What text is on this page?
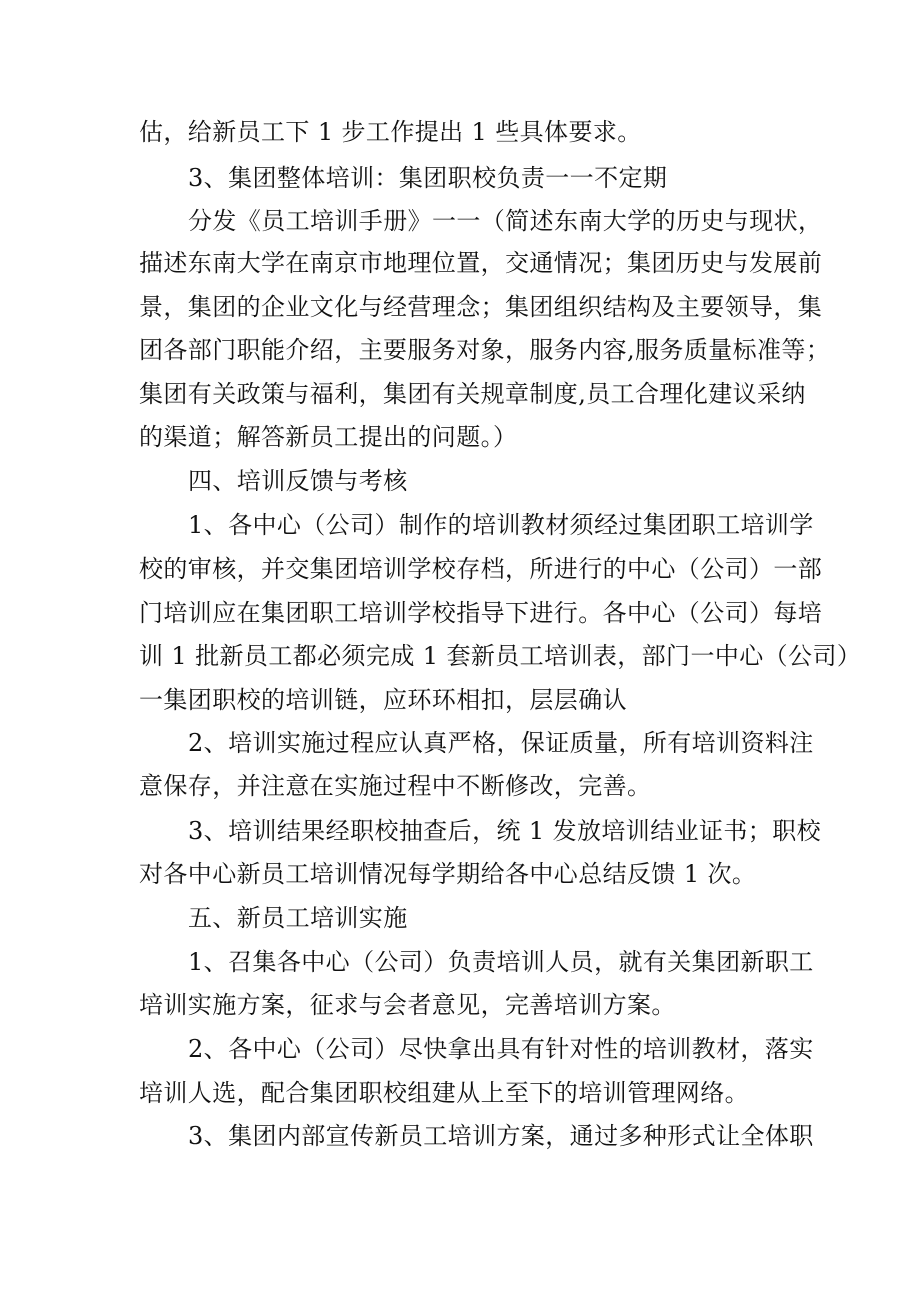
估，给新员工下 1 步工作提出 1 些具体要求。
3、集团整体培训：集团职校负责一一不定期
分发《员工培训手册》一一（简述东南大学的历史与现状，
描述东南大学在南京市地理位置，交通情况；集团历史与发展前
景，集团的企业文化与经营理念；集团组织结构及主要领导，集
团各部门职能介绍，主要服务对象，服务内容,服务质量标准等；
集团有关政策与福利，集团有关规章制度,员工合理化建议采纳
的渠道；解答新员工提出的问题。）
四、培训反馈与考核
1、各中心（公司）制作的培训教材须经过集团职工培训学
校的审核，并交集团培训学校存档，所进行的中心（公司）一部
门培训应在集团职工培训学校指导下进行。各中心（公司）每培
训 1 批新员工都必须完成 1 套新员工培训表，部门一中心（公司）
一集团职校的培训链，应环环相扣，层层确认
2、培训实施过程应认真严格，保证质量，所有培训资料注
意保存，并注意在实施过程中不断修改，完善。
3、培训结果经职校抽查后，统 1 发放培训结业证书；职校
对各中心新员工培训情况每学期给各中心总结反馈 1 次。
五、新员工培训实施
1、召集各中心（公司）负责培训人员，就有关集团新职工
培训实施方案，征求与会者意见，完善培训方案。
2、各中心（公司）尽快拿出具有针对性的培训教材，落实
培训人选，配合集团职校组建从上至下的培训管理网络。
3、集团内部宣传新员工培训方案，通过多种形式让全体职
